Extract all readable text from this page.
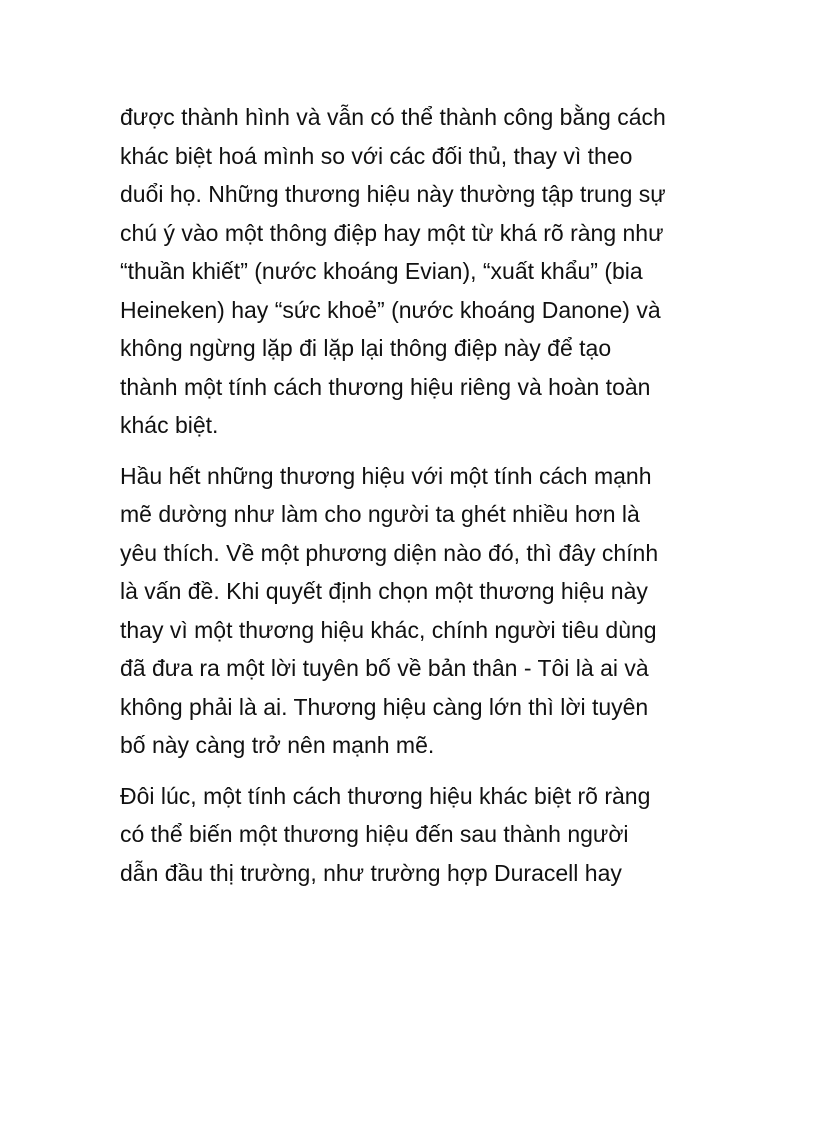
được thành hình và vẫn có thể thành công bằng cách
khác biệt hoá mình so với các đối thủ, thay vì theo
duổi họ. Những thương hiệu này thường tập trung sự
chú ý vào một thông điệp hay một từ khá rõ ràng như
“thuần khiết” (nước khoáng Evian), “xuất khẩu” (bia
Heineken) hay “sức khoẻ” (nước khoáng Danone) và
không ngừng lặp đi lặp lại thông điệp này để tạo
thành một tính cách thương hiệu riêng và hoàn toàn
khác biệt.

Hầu hết những thương hiệu với một tính cách mạnh
mẽ dường như làm cho người ta ghét nhiều hơn là
yêu thích. Về một phương diện nào đó, thì đây chính
là vấn đề. Khi quyết định chọn một thương hiệu này
thay vì một thương hiệu khác, chính người tiêu dùng
đã đưa ra một lời tuyên bố về bản thân - Tôi là ai và
không phải là ai. Thương hiệu càng lớn thì lời tuyên
bố này càng trở nên mạnh mẽ.

Đôi lúc, một tính cách thương hiệu khác biệt rõ ràng
có thể biến một thương hiệu đến sau thành người
dẫn đầu thị trường, như trường hợp Duracell hay
